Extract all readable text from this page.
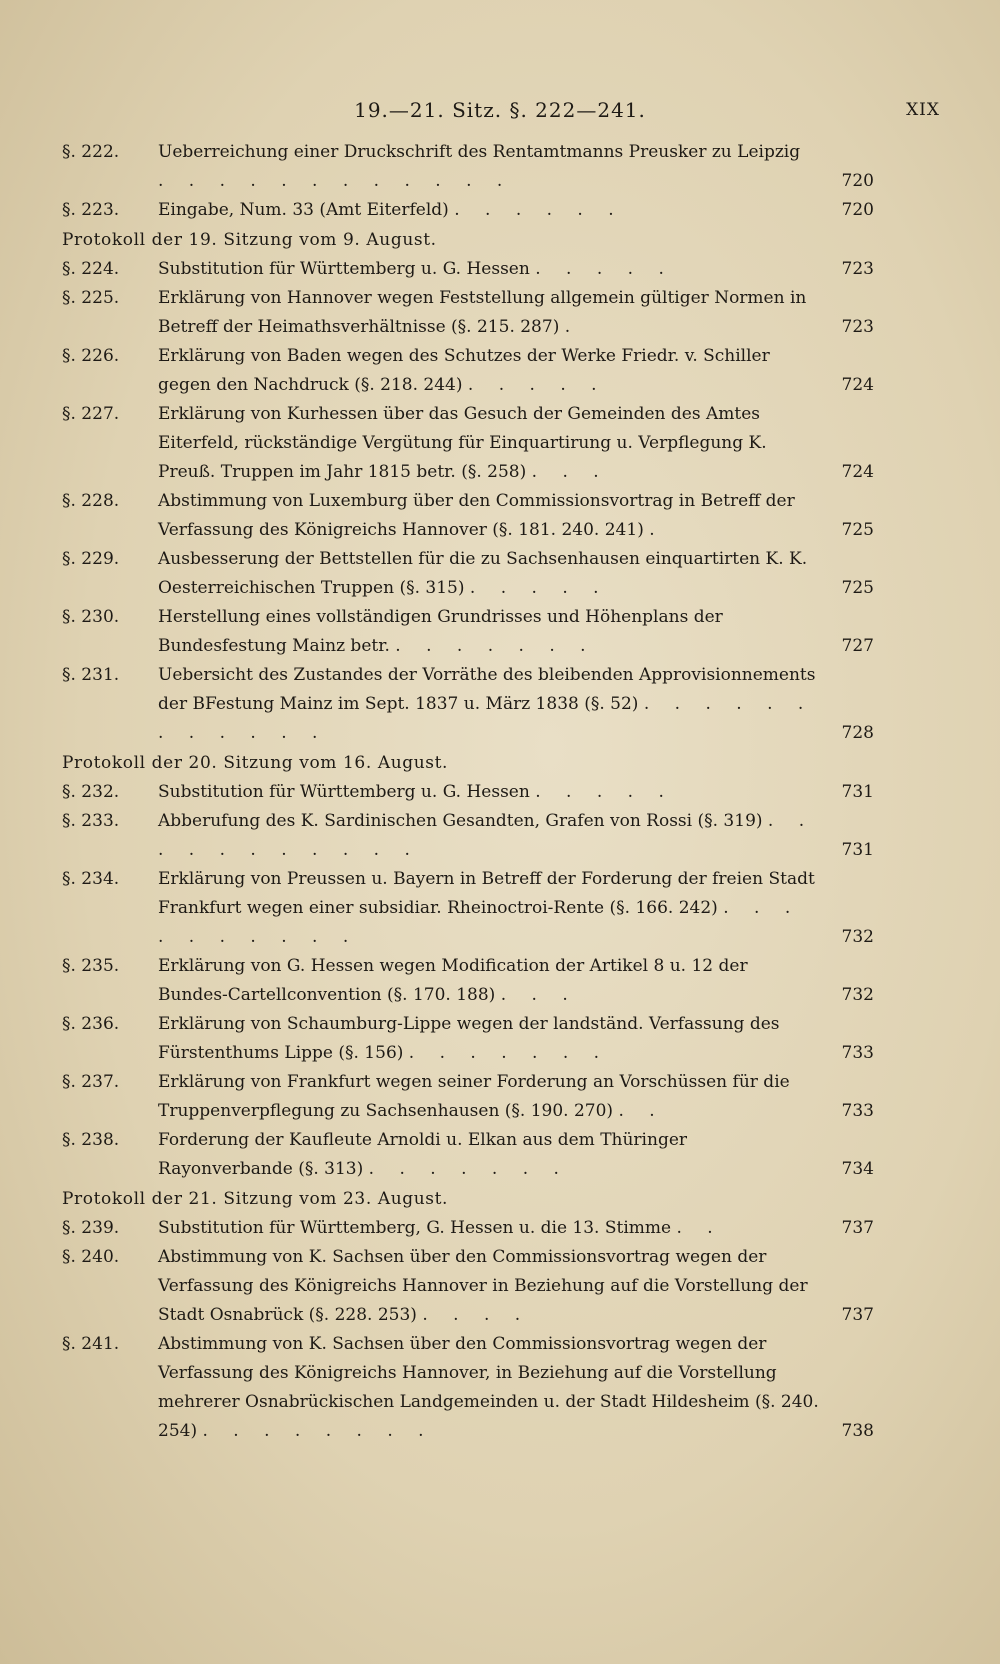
19.—21. Sitz. §. 222—241.	XIX
§. 222. Ueberreichung einer Druckschrift des Rentamtmanns Preusker zu Leipzig . . . . . . . . . . . .	720
§. 223. Eingabe, Num. 33 (Amt Eiterfeld) . . . . . .	720
Protokoll der 19. Sitzung vom 9. August.
§. 224. Substitution für Württemberg u. G. Hessen . . . . .	723
§. 225. Erklärung von Hannover wegen Feststellung allgemein gültiger Normen in Betreff der Heimathsverhältnisse (§. 215. 287) .	723
§. 226. Erklärung von Baden wegen des Schutzes der Werke Friedr. v. Schiller gegen den Nachdruck (§. 218. 244) . . . . .	724
§. 227. Erklärung von Kurhessen über das Gesuch der Gemeinden des Amtes Eiterfeld, rückständige Vergütung für Einquartirung u. Verpflegung K. Preuß. Truppen im Jahr 1815 betr. (§. 258) . . .	724
§. 228. Abstimmung von Luxemburg über den Commissionsvortrag in Betreff der Verfassung des Königreichs Hannover (§. 181. 240. 241) .	725
§. 229. Ausbesserung der Bettstellen für die zu Sachsenhausen einquartirten K. K. Oesterreichischen Truppen (§. 315) . . . . .	725
§. 230. Herstellung eines vollständigen Grundrisses und Höhenplans der Bundesfestung Mainz betr. . . . . . . .	727
§. 231. Uebersicht des Zustandes der Vorräthe des bleibenden Approvisionnements der BFestung Mainz im Sept. 1837 u. März 1838 (§. 52) . . . . . . . . . . . .	728
Protokoll der 20. Sitzung vom 16. August.
§. 232. Substitution für Württemberg u. G. Hessen . . . . .	731
§. 233. Abberufung des K. Sardinischen Gesandten, Grafen von Rossi (§. 319) . . . . . . . . . . .	731
§. 234. Erklärung von Preussen u. Bayern in Betreff der Forderung der freien Stadt Frankfurt wegen einer subsidiar. Rheinoctroi-Rente (§. 166. 242) . . . . . . . . . .	732
§. 235. Erklärung von G. Hessen wegen Modification der Artikel 8 u. 12 der Bundes-Cartellconvention (§. 170. 188) . . .	732
§. 236. Erklärung von Schaumburg-Lippe wegen der landständ. Verfassung des Fürstenthums Lippe (§. 156) . . . . . . .	733
§. 237. Erklärung von Frankfurt wegen seiner Forderung an Vorschüssen für die Truppenverpflegung zu Sachsenhausen (§. 190. 270) . .	733
§. 238. Forderung der Kaufleute Arnoldi u. Elkan aus dem Thüringer Rayonverbande (§. 313) . . . . . . .	734
Protokoll der 21. Sitzung vom 23. August.
§. 239. Substitution für Württemberg, G. Hessen u. die 13. Stimme . .	737
§. 240. Abstimmung von K. Sachsen über den Commissionsvortrag wegen der Verfassung des Königreichs Hannover in Beziehung auf die Vorstellung der Stadt Osnabrück (§. 228. 253) . . . .	737
§. 241. Abstimmung von K. Sachsen über den Commissionsvortrag wegen der Verfassung des Königreichs Hannover, in Beziehung auf die Vorstellung mehrerer Osnabrückischen Landgemeinden u. der Stadt Hildesheim (§. 240. 254) . . . . . . . .	738
